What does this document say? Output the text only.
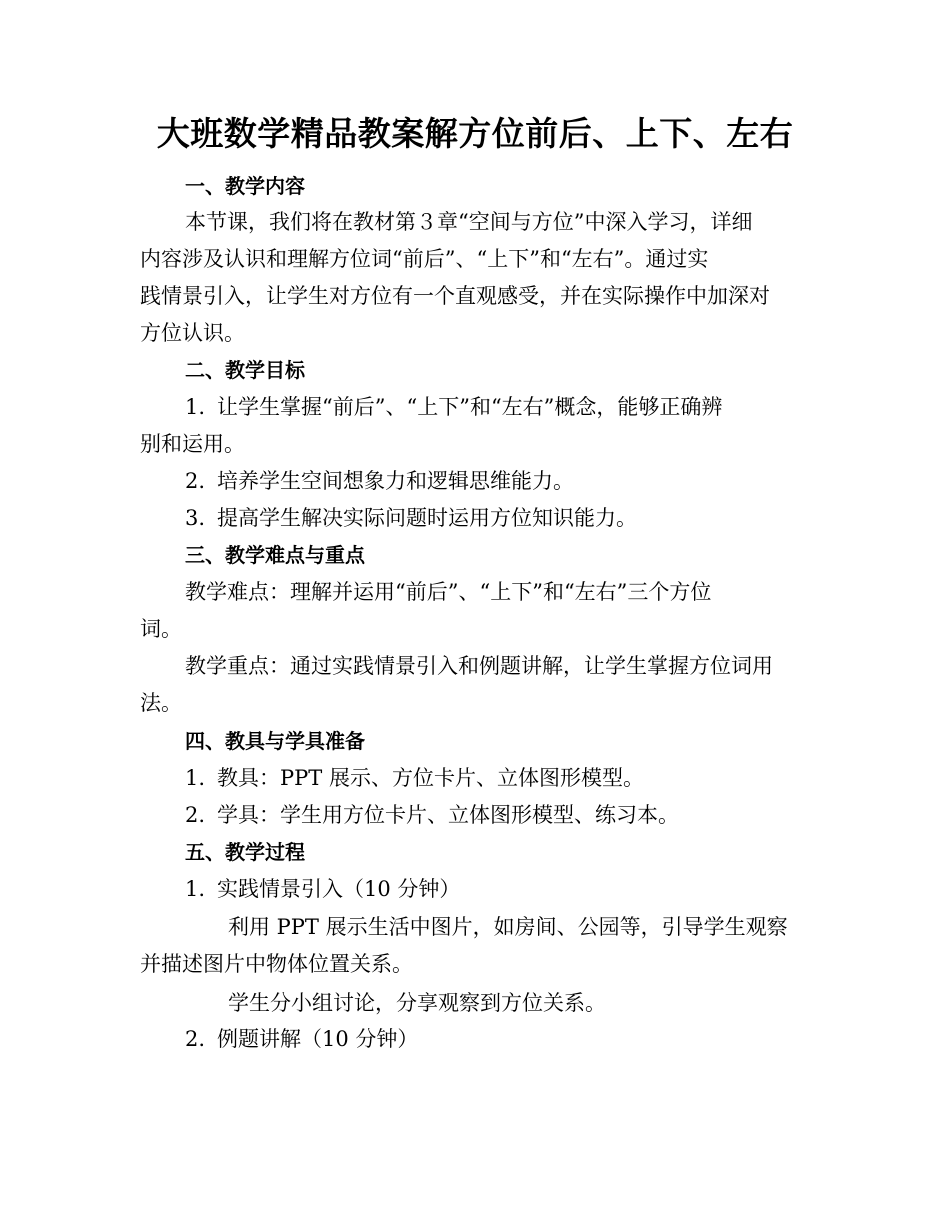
大班数学精品教案解方位前后、上下、左右
一、教学内容
本节课，我们将在教材第３章“空间与方位”中深入学习，详细
内容涉及认识和理解方位词“前后”、“上下”和“左右”。通过实
践情景引入，让学生对方位有一个直观感受，并在实际操作中加深对
方位认识。
二、教学目标
1. 让学生掌握“前后”、“上下”和“左右”概念，能够正确辨
别和运用。
2. 培养学生空间想象力和逻辑思维能力。
3. 提高学生解决实际问题时运用方位知识能力。
三、教学难点与重点
教学难点：理解并运用“前后”、“上下”和“左右”三个方位
词。
教学重点：通过实践情景引入和例题讲解，让学生掌握方位词用
法。
四、教具与学具准备
1. 教具：PPT 展示、方位卡片、立体图形模型。
2. 学具：学生用方位卡片、立体图形模型、练习本。
五、教学过程
1. 实践情景引入（10 分钟）
利用 PPT 展示生活中图片，如房间、公园等，引导学生观察
并描述图片中物体位置关系。
学生分小组讨论，分享观察到方位关系。
2. 例题讲解（10 分钟）
